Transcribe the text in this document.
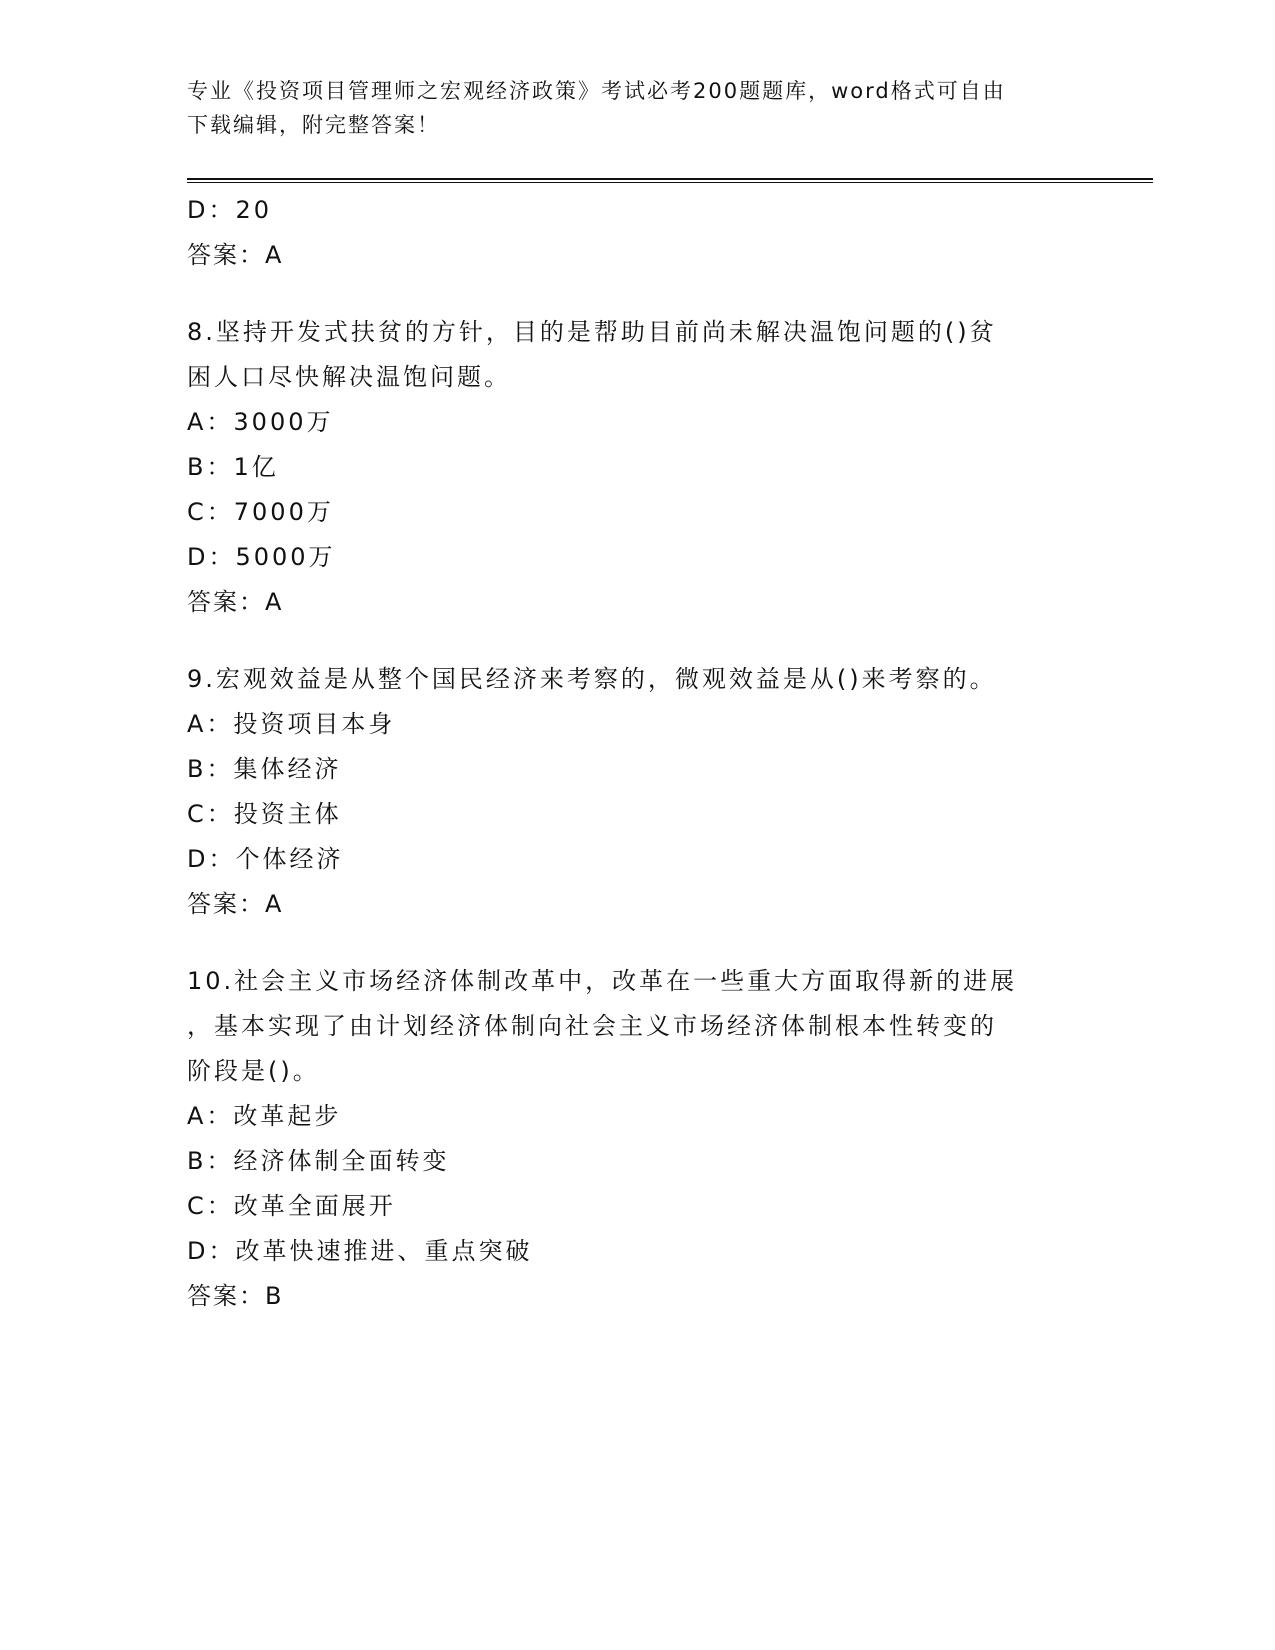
专业《投资项目管理师之宏观经济政策》考试必考200题题库，word格式可自由
下载编辑，附完整答案！
D：20
答案：A
8.坚持开发式扶贫的方针，目的是帮助目前尚未解决温饱问题的()贫
困人口尽快解决温饱问题。
A：3000万
B：1亿
C：7000万
D：5000万
答案：A
9.宏观效益是从整个国民经济来考察的，微观效益是从()来考察的。
A：投资项目本身
B：集体经济
C：投资主体
D：个体经济
答案：A
10.社会主义市场经济体制改革中，改革在一些重大方面取得新的进展
，基本实现了由计划经济体制向社会主义市场经济体制根本性转变的
阶段是()。
A：改革起步
B：经济体制全面转变
C：改革全面展开
D：改革快速推进、重点突破
答案：B
